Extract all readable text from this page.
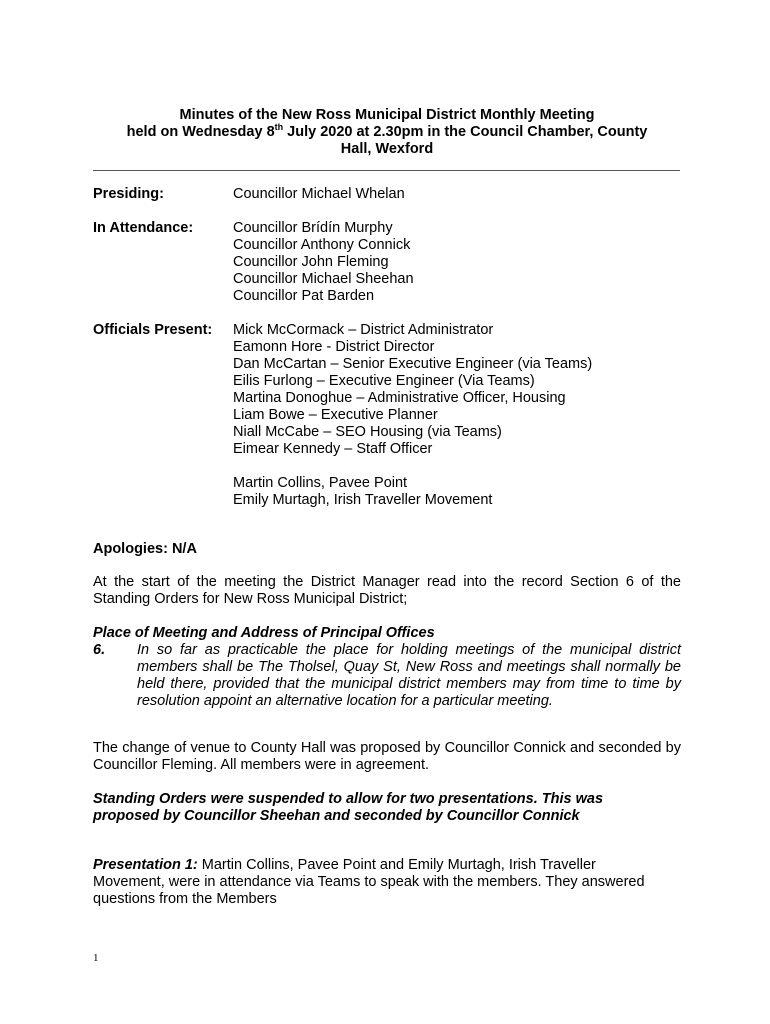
Minutes of the New Ross Municipal District Monthly Meeting
held on Wednesday 8th July 2020 at 2.30pm in the Council Chamber, County
Hall, Wexford
Presiding:	Councillor Michael Whelan
In Attendance:	Councillor Brídín Murphy
Councillor Anthony Connick
Councillor John Fleming
Councillor Michael Sheehan
Councillor Pat Barden
Officials Present: Mick McCormack – District Administrator
Eamonn Hore - District Director
Dan McCartan – Senior Executive Engineer (via Teams)
Eilis Furlong – Executive Engineer (Via Teams)
Martina Donoghue – Administrative Officer, Housing
Liam Bowe – Executive Planner
Niall McCabe – SEO Housing (via Teams)
Eimear Kennedy – Staff Officer
Martin Collins, Pavee Point
Emily Murtagh, Irish Traveller Movement
Apologies: N/A
At the start of the meeting the District Manager read into the record Section 6 of the Standing Orders for New Ross Municipal District;
Place of Meeting and Address of Principal Offices
6. In so far as practicable the place for holding meetings of the municipal district members shall be The Tholsel, Quay St, New Ross and meetings shall normally be held there, provided that the municipal district members may from time to time by resolution appoint an alternative location for a particular meeting.
The change of venue to County Hall was proposed by Councillor Connick and seconded by Councillor Fleming. All members were in agreement.
Standing Orders were suspended to allow for two presentations. This was proposed by Councillor Sheehan and seconded by Councillor Connick
Presentation 1: Martin Collins, Pavee Point and Emily Murtagh, Irish Traveller Movement, were in attendance via Teams to speak with the members. They answered questions from the Members
1
